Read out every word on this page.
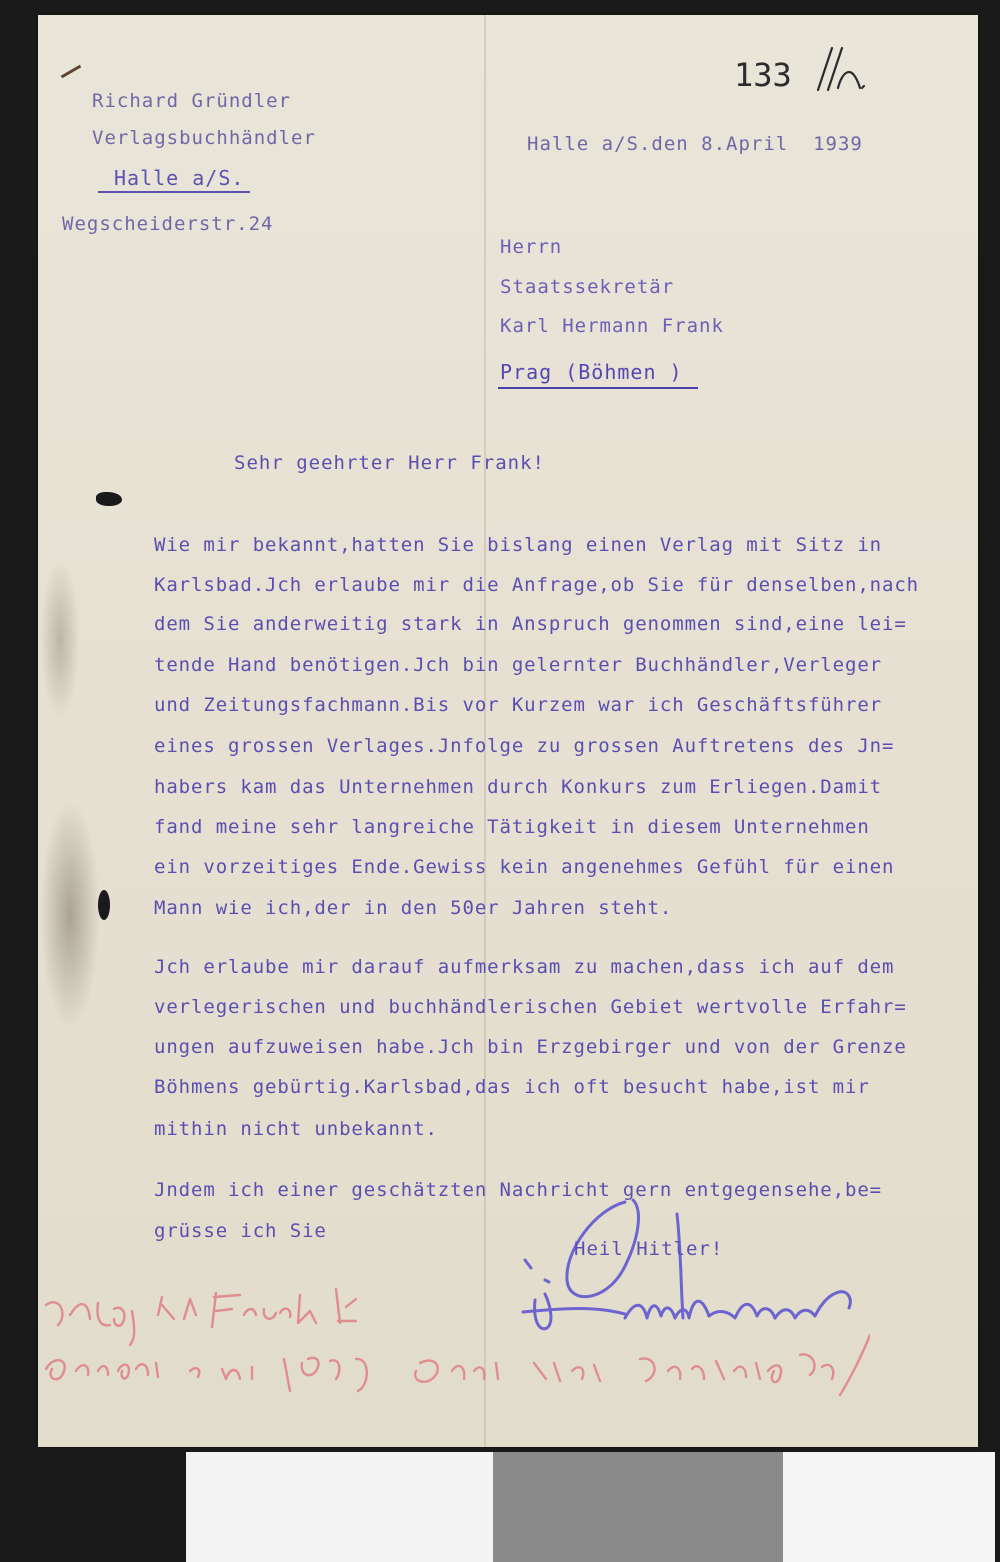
133

Richard Gründler

Verlagsbuchhändler

Halle a/S.

Wegscheiderstr.24

Halle a/S.den 8.April  1939

Herrn

Staatssekretär

Karl Hermann Frank

Prag (Böhmen )

Sehr geehrter Herr Frank!

Wie mir bekannt,hatten Sie bislang einen Verlag mit Sitz in

Karlsbad.Jch erlaube mir die Anfrage,ob Sie für denselben,nach

dem Sie anderweitig stark in Anspruch genommen sind,eine lei=

tende Hand benötigen.Jch bin gelernter Buchhändler,Verleger

und Zeitungsfachmann.Bis vor Kurzem war ich Geschäftsführer

eines grossen Verlages.Jnfolge zu grossen Auftretens des Jn=

habers kam das Unternehmen durch Konkurs zum Erliegen.Damit

fand meine sehr langreiche Tätigkeit in diesem Unternehmen

ein vorzeitiges Ende.Gewiss kein angenehmes Gefühl für einen

Mann wie ich,der in den 50er Jahren steht.

Jch erlaube mir darauf aufmerksam zu machen,dass ich auf dem

verlegerischen und buchhändlerischen Gebiet wertvolle Erfahr=

ungen aufzuweisen habe.Jch bin Erzgebirger und von der Grenze

Böhmens gebürtig.Karlsbad,das ich oft besucht habe,ist mir

mithin nicht unbekannt.

Jndem ich einer geschätzten Nachricht gern entgegensehe,be=

grüsse ich Sie

Heil Hitler!
